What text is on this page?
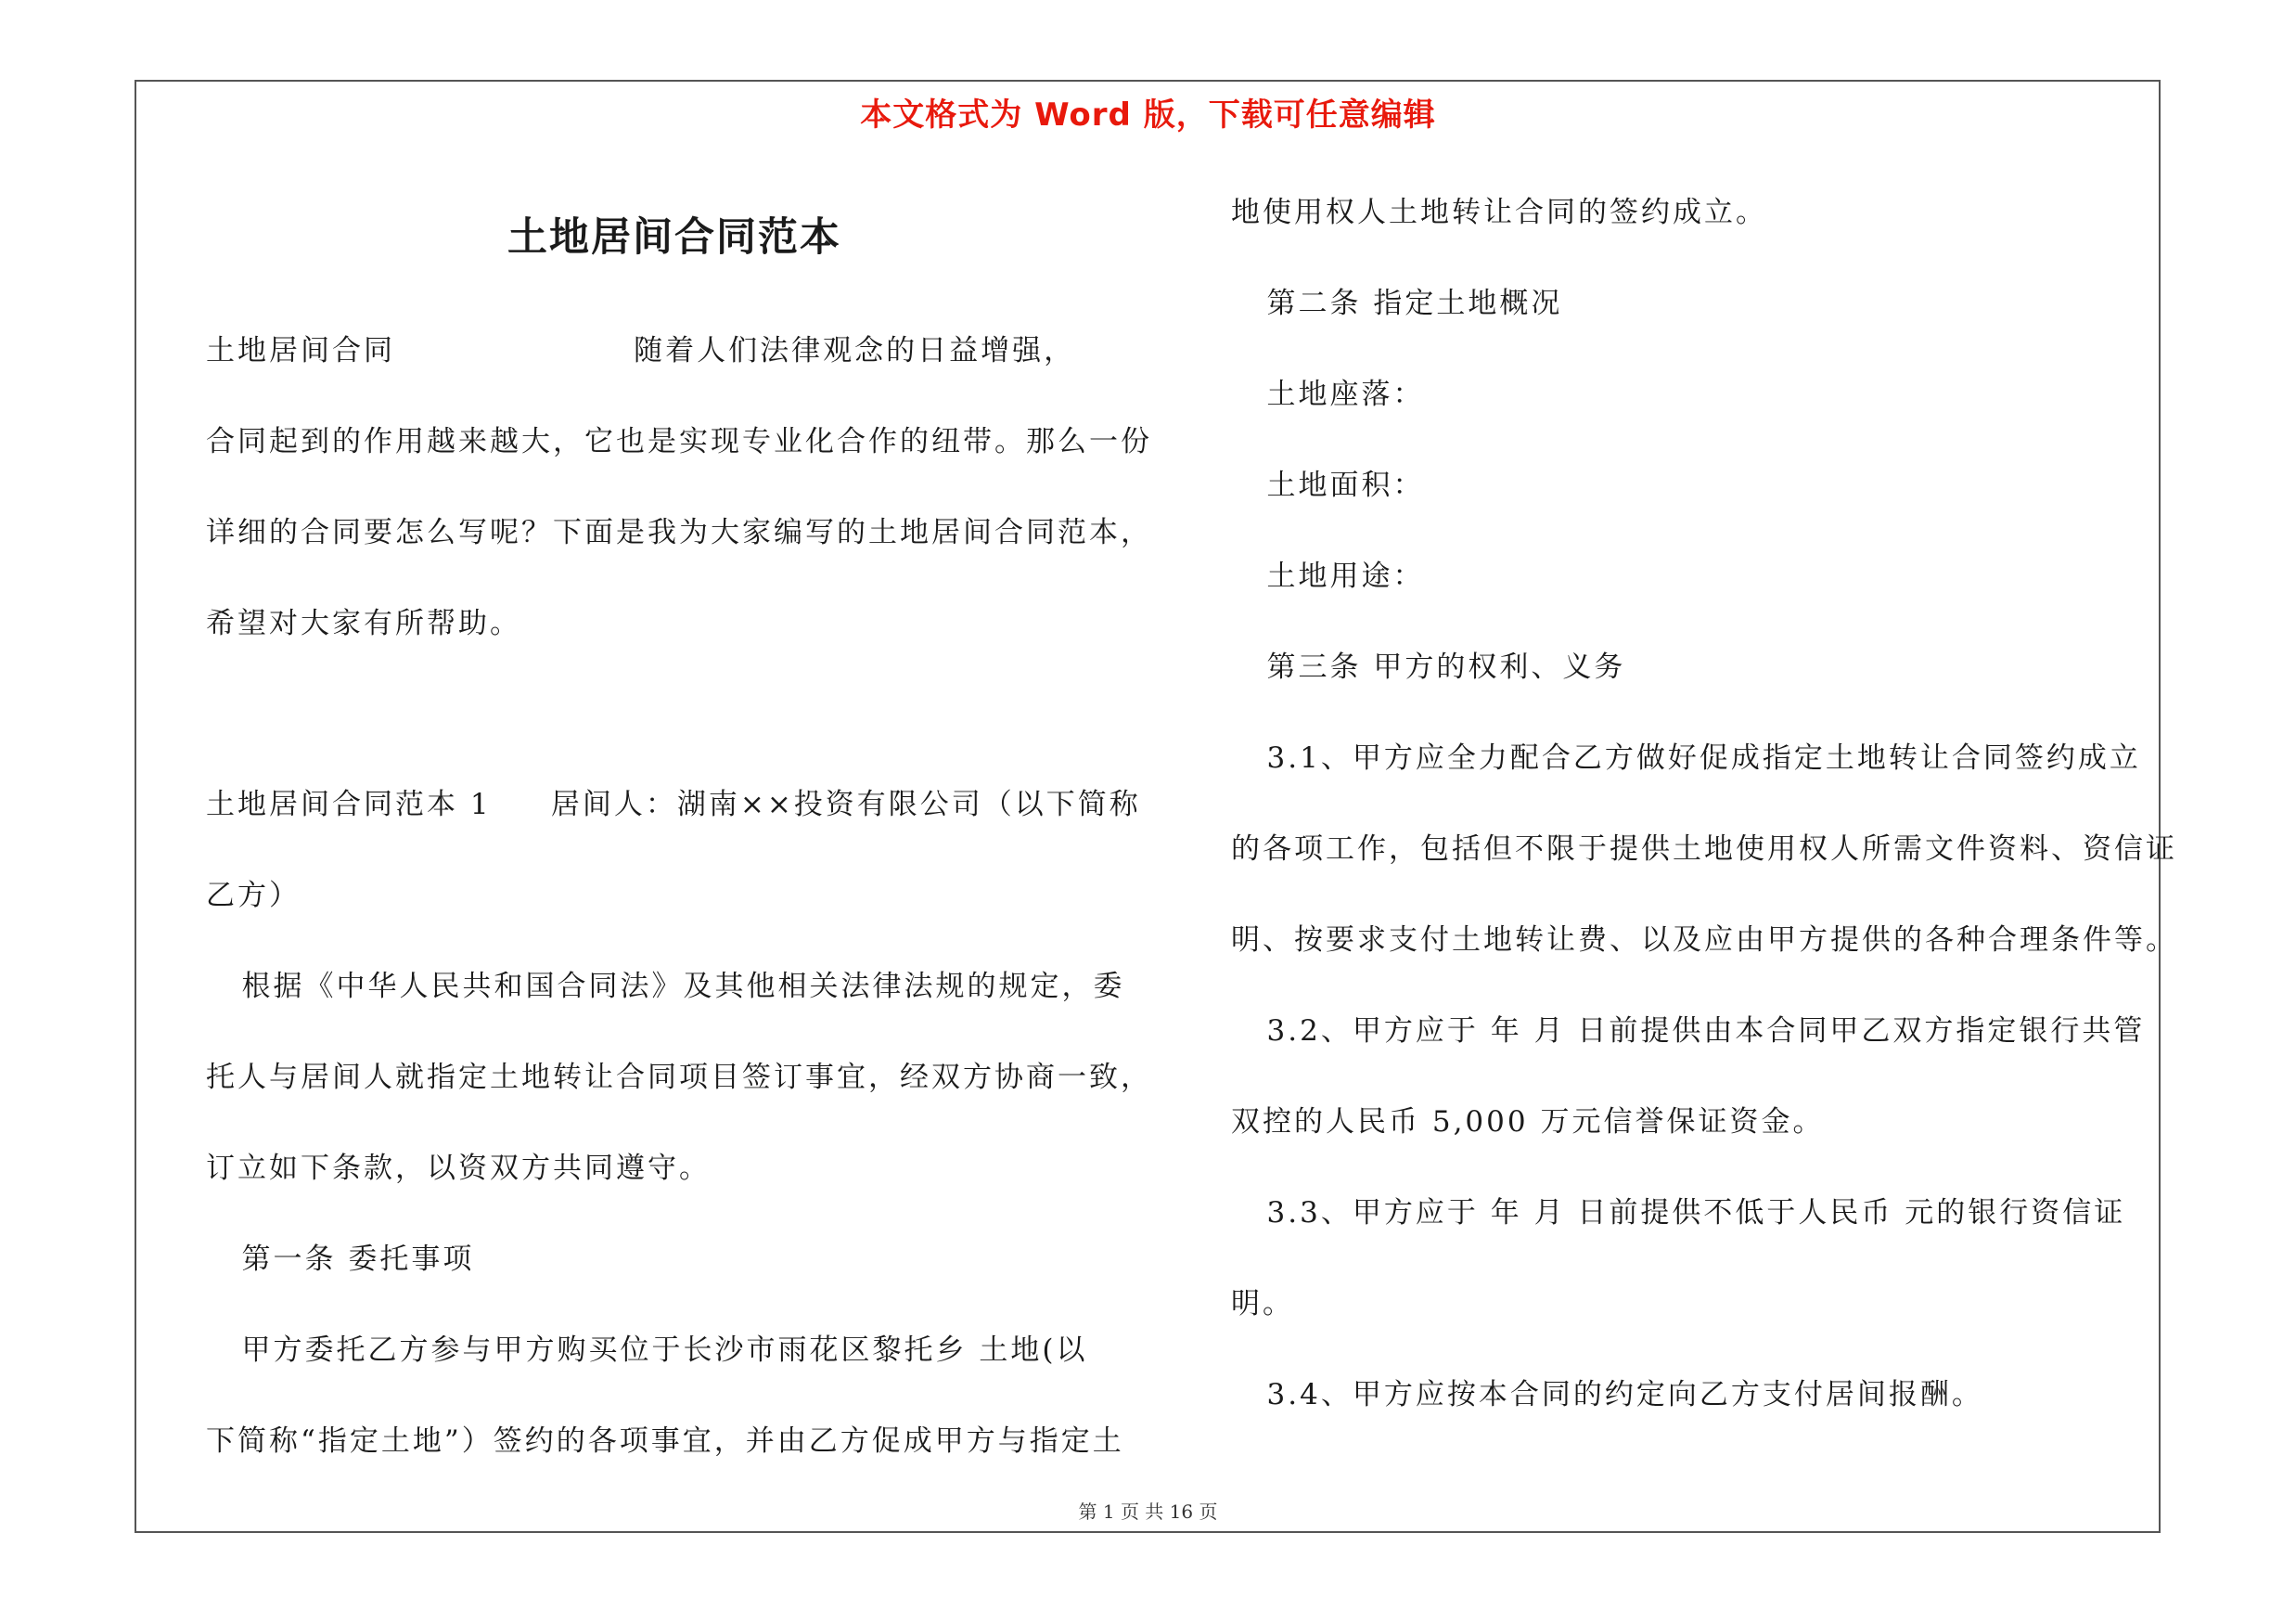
本文格式为 Word 版，下载可任意编辑
土地居间合同范本
土地居间合同                    随着人们法律观念的日益增强，
合同起到的作用越来越大，它也是实现专业化合作的纽带。那么一份
详细的合同要怎么写呢？下面是我为大家编写的土地居间合同范本，
希望对大家有所帮助。
土地居间合同范本 1     居间人：湖南××投资有限公司（以下简称
乙方）
根据《中华人民共和国合同法》及其他相关法律法规的规定，委
托人与居间人就指定土地转让合同项目签订事宜，经双方协商一致，
订立如下条款，以资双方共同遵守。
第一条 委托事项
甲方委托乙方参与甲方购买位于长沙市雨花区黎托乡 土地(以
下简称“指定土地”）签约的各项事宜，并由乙方促成甲方与指定土
地使用权人土地转让合同的签约成立。
第二条 指定土地概况
土地座落：
土地面积：
土地用途：
第三条 甲方的权利、义务
3.1、甲方应全力配合乙方做好促成指定土地转让合同签约成立
的各项工作，包括但不限于提供土地使用权人所需文件资料、资信证
明、按要求支付土地转让费、以及应由甲方提供的各种合理条件等。
3.2、甲方应于 年 月 日前提供由本合同甲乙双方指定银行共管
双控的人民币 5,000 万元信誉保证资金。
3.3、甲方应于 年 月 日前提供不低于人民币 元的银行资信证
明。
3.4、甲方应按本合同的约定向乙方支付居间报酬。
第 1 页 共 16 页
